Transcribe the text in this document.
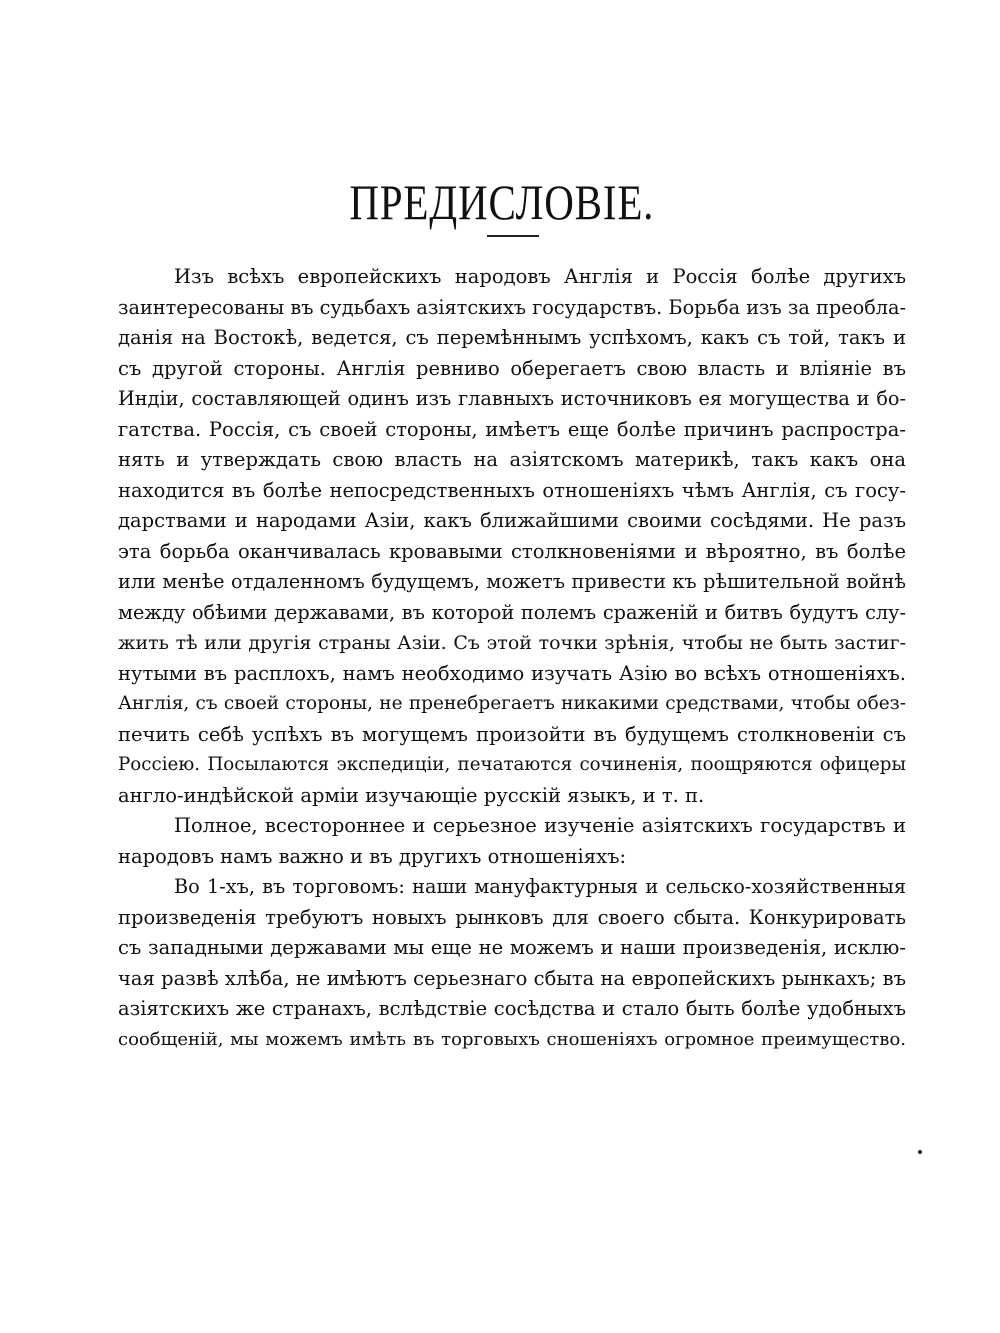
ПРЕДИСЛОВІЕ.
Изъ всѣхъ европейскихъ народовъ Англія и Россія болѣе другихъ
заинтересованы въ судьбахъ азіятскихъ государствъ. Борьба изъ за преобла-
данія на Востокѣ, ведется, съ перемѣннымъ успѣхомъ, какъ съ той, такъ и
съ другой стороны. Англія ревниво оберегаетъ свою власть и вліяніе въ
Индіи, составляющей одинъ изъ главныхъ источниковъ ея могущества и бо-
гатства. Россія, съ своей стороны, имѣетъ еще болѣе причинъ распростра-
нять и утверждать свою власть на азіятскомъ материкѣ, такъ какъ она
находится въ болѣе непосредственныхъ отношеніяхъ чѣмъ Англія, съ госу-
дарствами и народами Азіи, какъ ближайшими своими сосѣдями. Не разъ
эта борьба оканчивалась кровавыми столкновеніями и вѣроятно, въ болѣе
или менѣе отдаленномъ будущемъ, можетъ привести къ рѣшительной войнѣ
между обѣими державами, въ которой полемъ сраженій и битвъ будутъ слу-
жить тѣ или другія страны Азіи. Съ этой точки зрѣнія, чтобы не быть застиг-
нутыми въ расплохъ, намъ необходимо изучать Азію во всѣхъ отношеніяхъ.
Англія, съ своей стороны, не пренебрегаетъ никакими средствами, чтобы обез-
печить себѣ успѣхъ въ могущемъ произойти въ будущемъ столкновеніи съ
Россіею. Посылаются экспедиціи, печатаются сочиненія, поощряются офицеры
англо-индѣйской арміи изучающіе русскій языкъ, и т. п.
Полное, всестороннее и серьезное изученіе азіятскихъ государствъ и
народовъ намъ важно и въ другихъ отношеніяхъ:
Во 1-хъ, въ торговомъ: наши мануфактурныя и сельско-хозяйственныя
произведенія требуютъ новыхъ рынковъ для своего сбыта. Конкурировать
съ западными державами мы еще не можемъ и наши произведенія, исклю-
чая развѣ хлѣба, не имѣютъ серьезнаго сбыта на европейскихъ рынкахъ; въ
азіятскихъ же странахъ, вслѣдствіе сосѣдства и стало быть болѣе удобныхъ
сообщеній, мы можемъ имѣть въ торговыхъ сношеніяхъ огромное преимущество.
